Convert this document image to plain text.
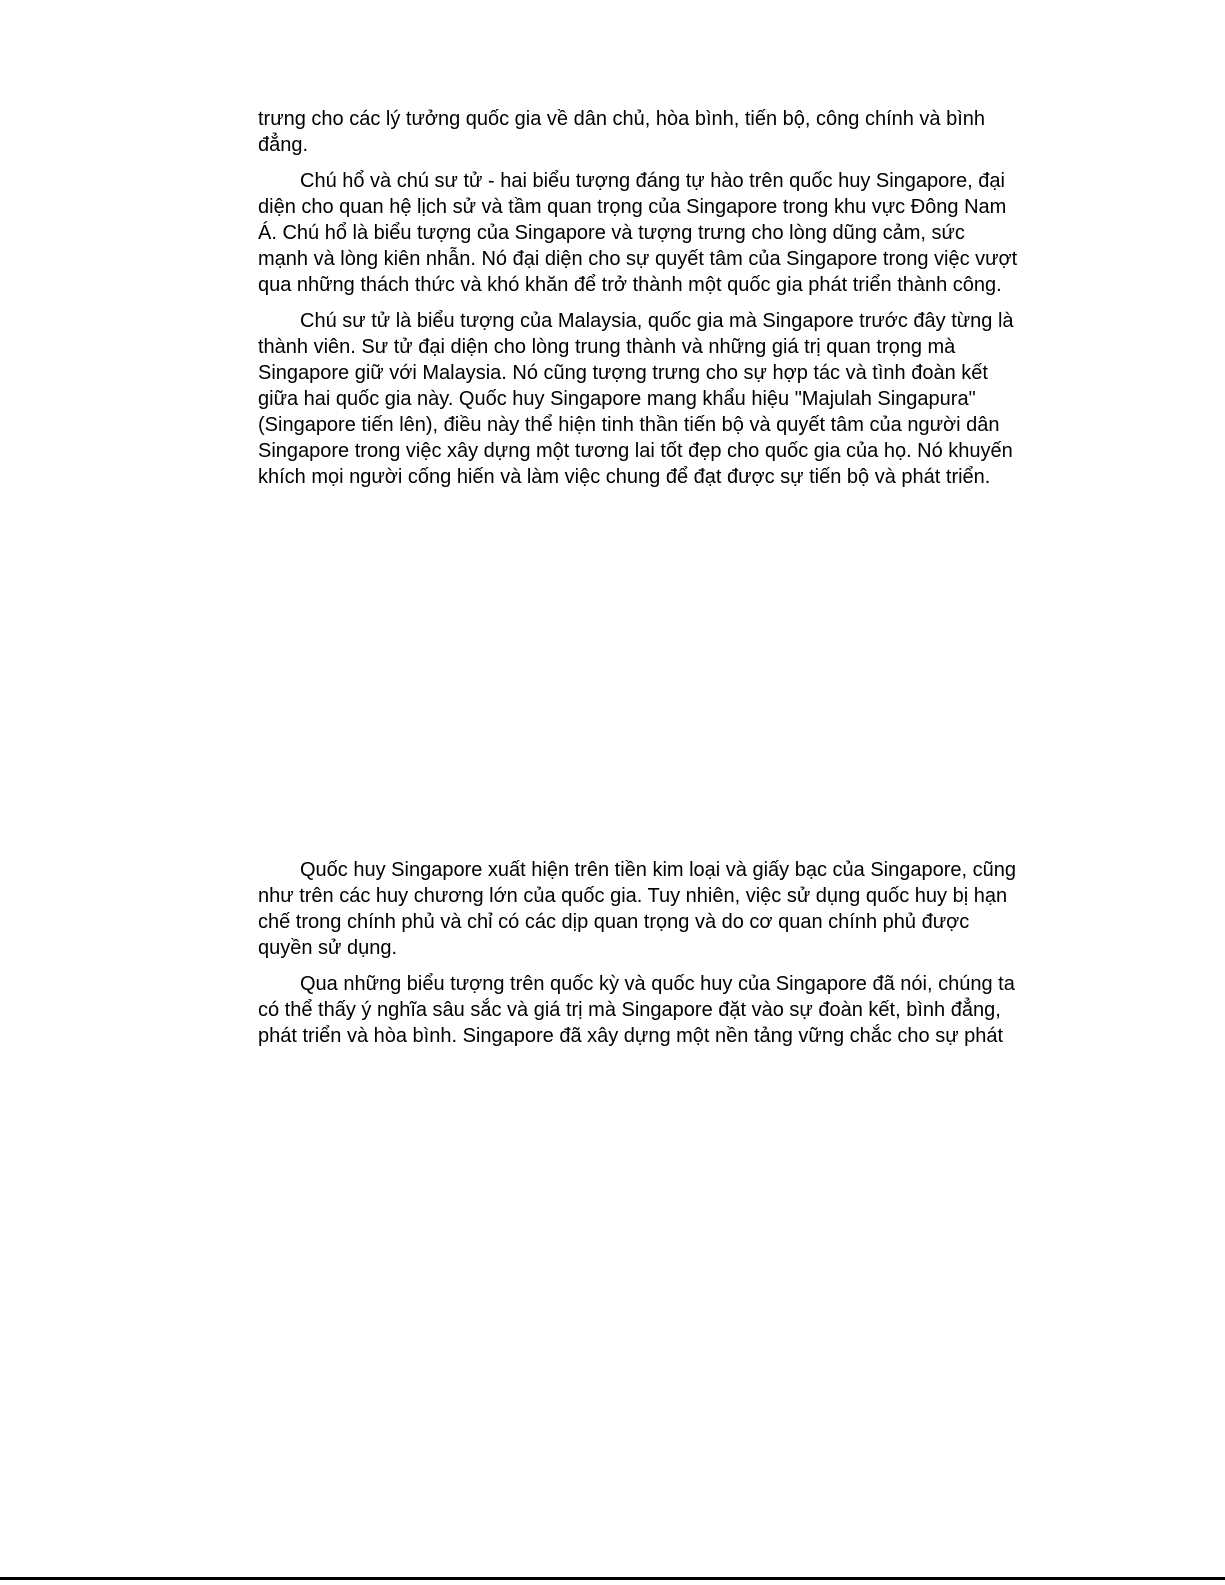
trưng cho các lý tưởng quốc gia về dân chủ, hòa bình, tiến bộ, công chính và bình đẳng.

Chú hổ và chú sư tử - hai biểu tượng đáng tự hào trên quốc huy Singapore, đại diện cho quan hệ lịch sử và tầm quan trọng của Singapore trong khu vực Đông Nam Á. Chú hổ là biểu tượng của Singapore và tượng trưng cho lòng dũng cảm, sức mạnh và lòng kiên nhẫn. Nó đại diện cho sự quyết tâm của Singapore trong việc vượt qua những thách thức và khó khăn để trở thành một quốc gia phát triển thành công.

Chú sư tử là biểu tượng của Malaysia, quốc gia mà Singapore trước đây từng là thành viên. Sư tử đại diện cho lòng trung thành và những giá trị quan trọng mà Singapore giữ với Malaysia. Nó cũng tượng trưng cho sự hợp tác và tình đoàn kết giữa hai quốc gia này. Quốc huy Singapore mang khẩu hiệu "Majulah Singapura" (Singapore tiến lên), điều này thể hiện tinh thần tiến bộ và quyết tâm của người dân Singapore trong việc xây dựng một tương lai tốt đẹp cho quốc gia của họ. Nó khuyến khích mọi người cống hiến và làm việc chung để đạt được sự tiến bộ và phát triển.

Quốc huy Singapore xuất hiện trên tiền kim loại và giấy bạc của Singapore, cũng như trên các huy chương lớn của quốc gia. Tuy nhiên, việc sử dụng quốc huy bị hạn chế trong chính phủ và chỉ có các dịp quan trọng và do cơ quan chính phủ được quyền sử dụng.

Qua những biểu tượng trên quốc kỳ và quốc huy của Singapore đã nói, chúng ta có thể thấy ý nghĩa sâu sắc và giá trị mà Singapore đặt vào sự đoàn kết, bình đẳng, phát triển và hòa bình. Singapore đã xây dựng một nền tảng vững chắc cho sự phát
